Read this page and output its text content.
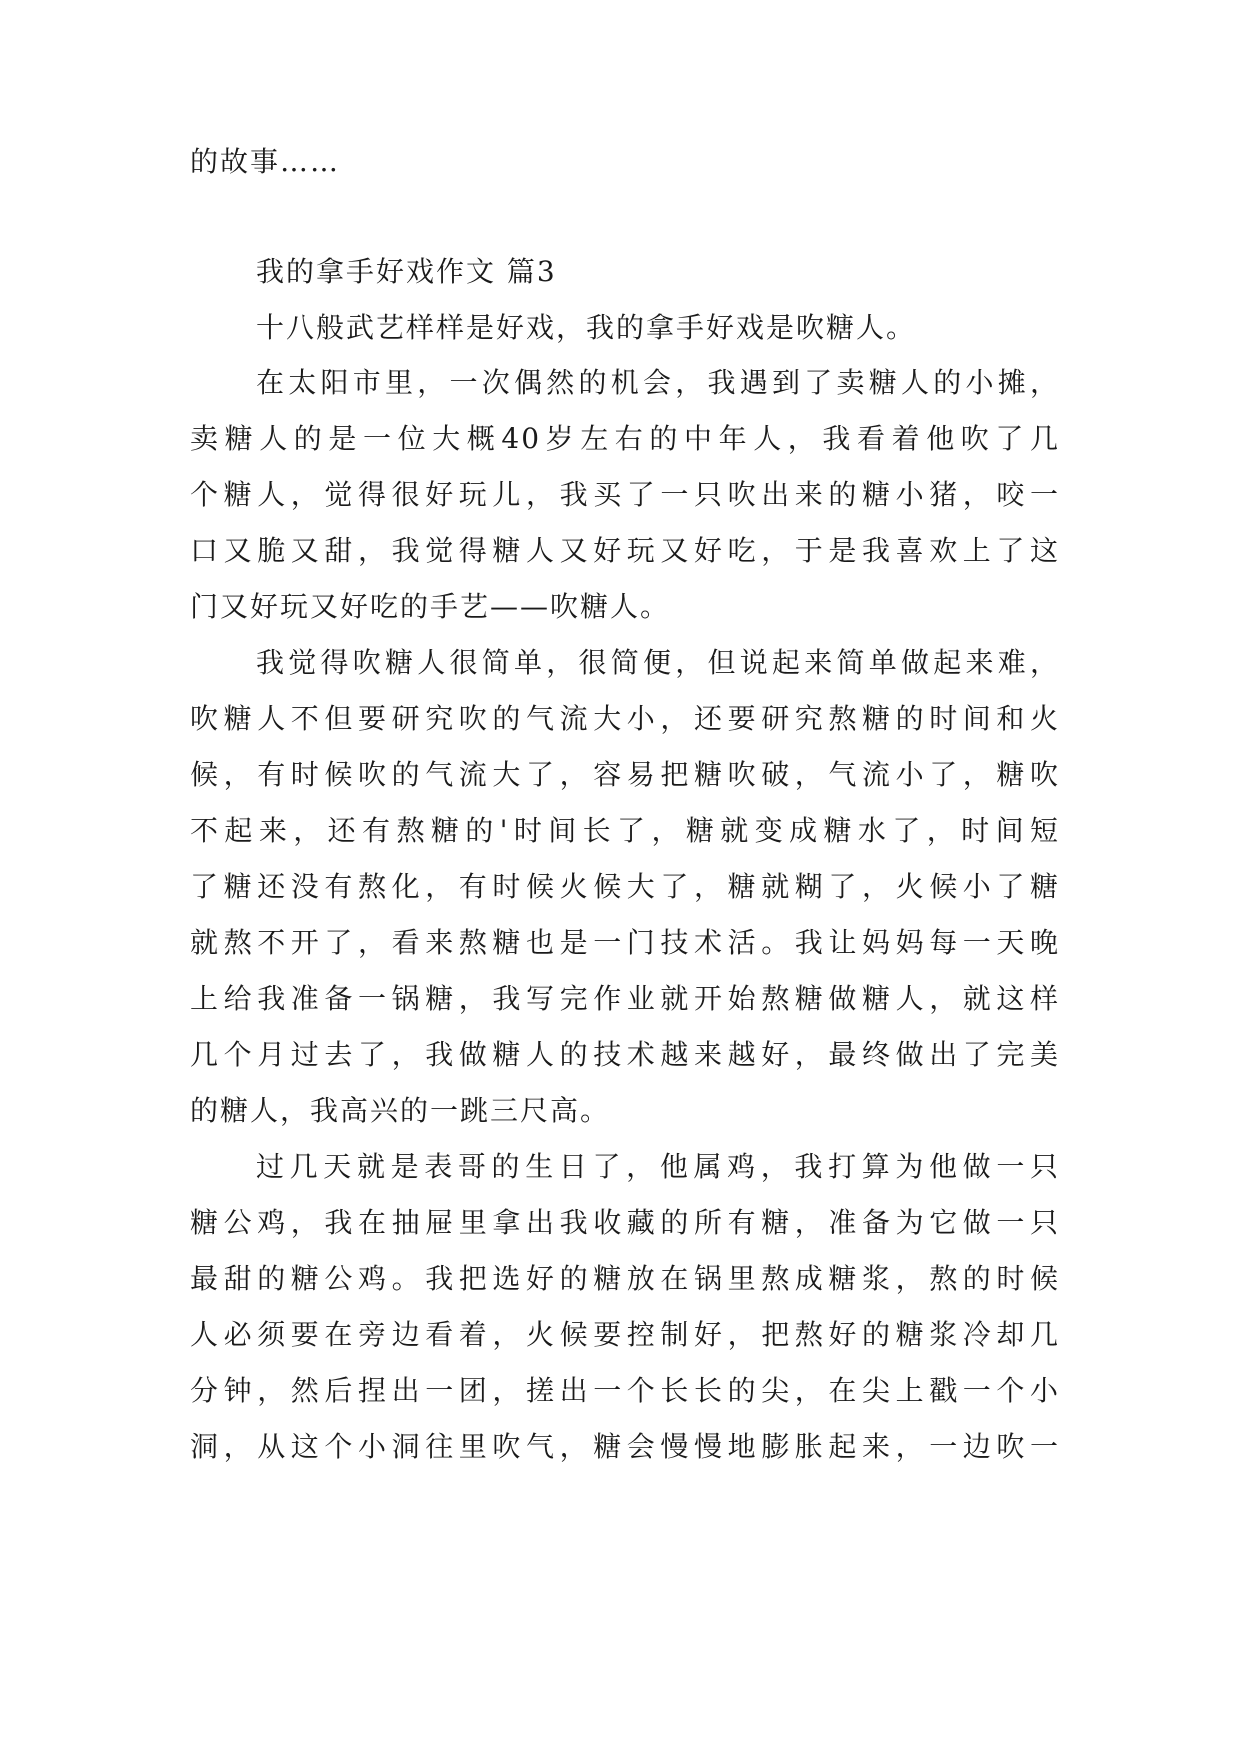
的故事……

我的拿手好戏作文 篇3

十八般武艺样样是好戏，我的拿手好戏是吹糖人。

在太阳市里，一次偶然的机会，我遇到了卖糖人的小摊，

卖糖人的是一位大概40岁左右的中年人，我看着他吹了几

个糖人，觉得很好玩儿，我买了一只吹出来的糖小猪，咬一

口又脆又甜，我觉得糖人又好玩又好吃，于是我喜欢上了这

门又好玩又好吃的手艺——吹糖人。

我觉得吹糖人很简单，很简便，但说起来简单做起来难，

吹糖人不但要研究吹的气流大小，还要研究熬糖的时间和火

候，有时候吹的气流大了，容易把糖吹破，气流小了，糖吹

不起来，还有熬糖的'时间长了，糖就变成糖水了，时间短

了糖还没有熬化，有时候火候大了，糖就糊了，火候小了糖

就熬不开了，看来熬糖也是一门技术活。我让妈妈每一天晚

上给我准备一锅糖，我写完作业就开始熬糖做糖人，就这样

几个月过去了，我做糖人的技术越来越好，最终做出了完美

的糖人，我高兴的一跳三尺高。

过几天就是表哥的生日了，他属鸡，我打算为他做一只

糖公鸡，我在抽屉里拿出我收藏的所有糖，准备为它做一只

最甜的糖公鸡。我把选好的糖放在锅里熬成糖浆，熬的时候

人必须要在旁边看着，火候要控制好，把熬好的糖浆冷却几

分钟，然后捏出一团，搓出一个长长的尖，在尖上戳一个小

洞，从这个小洞往里吹气，糖会慢慢地膨胀起来，一边吹一
